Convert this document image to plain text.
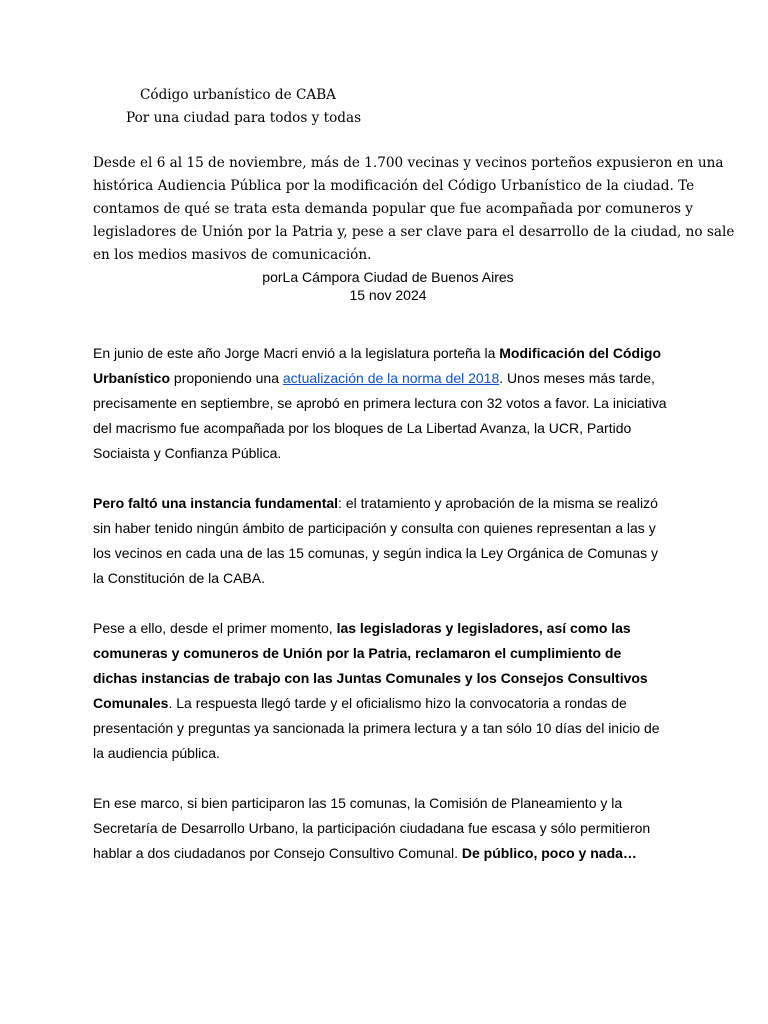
Código urbanístico de CABA
Por una ciudad para todos y todas
Desde el 6 al 15 de noviembre, más de 1.700 vecinas y vecinos porteños expusieron en una
histórica Audiencia Pública por la modificación del Código Urbanístico de la ciudad. Te
contamos de qué se trata esta demanda popular que fue acompañada por comuneros y
legisladores de Unión por la Patria y, pese a ser clave para el desarrollo de la ciudad, no sale
en los medios masivos de comunicación.
porLa Cámpora Ciudad de Buenos Aires
15 nov 2024
En junio de este año Jorge Macri envió a la legislatura porteña la Modificación del Código
Urbanístico proponiendo una actualización de la norma del 2018. Unos meses más tarde,
precisamente en septiembre, se aprobó en primera lectura con 32 votos a favor. La iniciativa
del macrismo fue acompañada por los bloques de La Libertad Avanza, la UCR, Partido
Sociaista y Confianza Pública.
Pero faltó una instancia fundamental: el tratamiento y aprobación de la misma se realizó
sin haber tenido ningún ámbito de participación y consulta con quienes representan a las y
los vecinos en cada una de las 15 comunas, y según indica la Ley Orgánica de Comunas y
la Constitución de la CABA.
Pese a ello, desde el primer momento, las legisladoras y legisladores, así como las
comuneras y comuneros de Unión por la Patria, reclamaron el cumplimiento de
dichas instancias de trabajo con las Juntas Comunales y los Consejos Consultivos
Comunales. La respuesta llegó tarde y el oficialismo hizo la convocatoria a rondas de
presentación y preguntas ya sancionada la primera lectura y a tan sólo 10 días del inicio de
la audiencia pública.
En ese marco, si bien participaron las 15 comunas, la Comisión de Planeamiento y la
Secretaría de Desarrollo Urbano, la participación ciudadana fue escasa y sólo permitieron
hablar a dos ciudadanos por Consejo Consultivo Comunal. De público, poco y nada…
